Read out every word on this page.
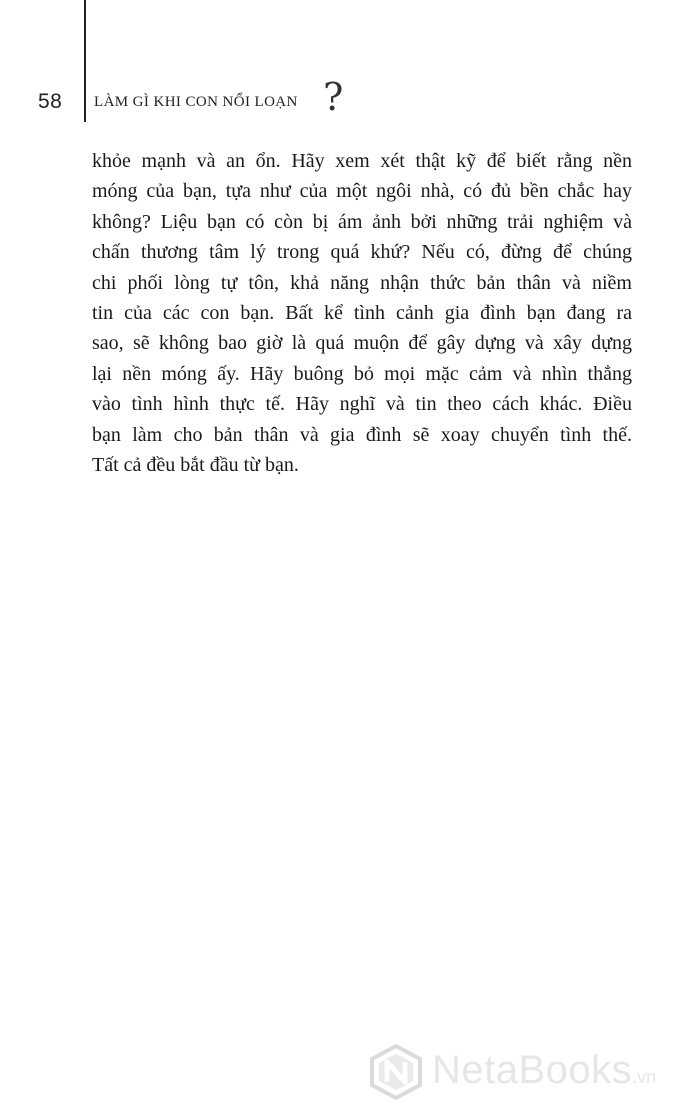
58 LÀM GÌ KHI CON NỔI LOẠN ?
khỏe mạnh và an ổn. Hãy xem xét thật kỹ để biết rằng nền
móng của bạn, tựa như của một ngôi nhà, có đủ bền chắc hay
không? Liệu bạn có còn bị ám ảnh bởi những trải nghiệm và
chấn thương tâm lý trong quá khứ? Nếu có, đừng để chúng
chi phối lòng tự tôn, khả năng nhận thức bản thân và niềm
tin của các con bạn. Bất kể tình cảnh gia đình bạn đang ra
sao, sẽ không bao giờ là quá muộn để gây dựng và xây dựng
lại nền móng ấy. Hãy buông bỏ mọi mặc cảm và nhìn thẳng
vào tình hình thực tế. Hãy nghĩ và tin theo cách khác. Điều
bạn làm cho bản thân và gia đình sẽ xoay chuyển tình thế.
Tất cả đều bắt đầu từ bạn.
NetaBooks.vn
